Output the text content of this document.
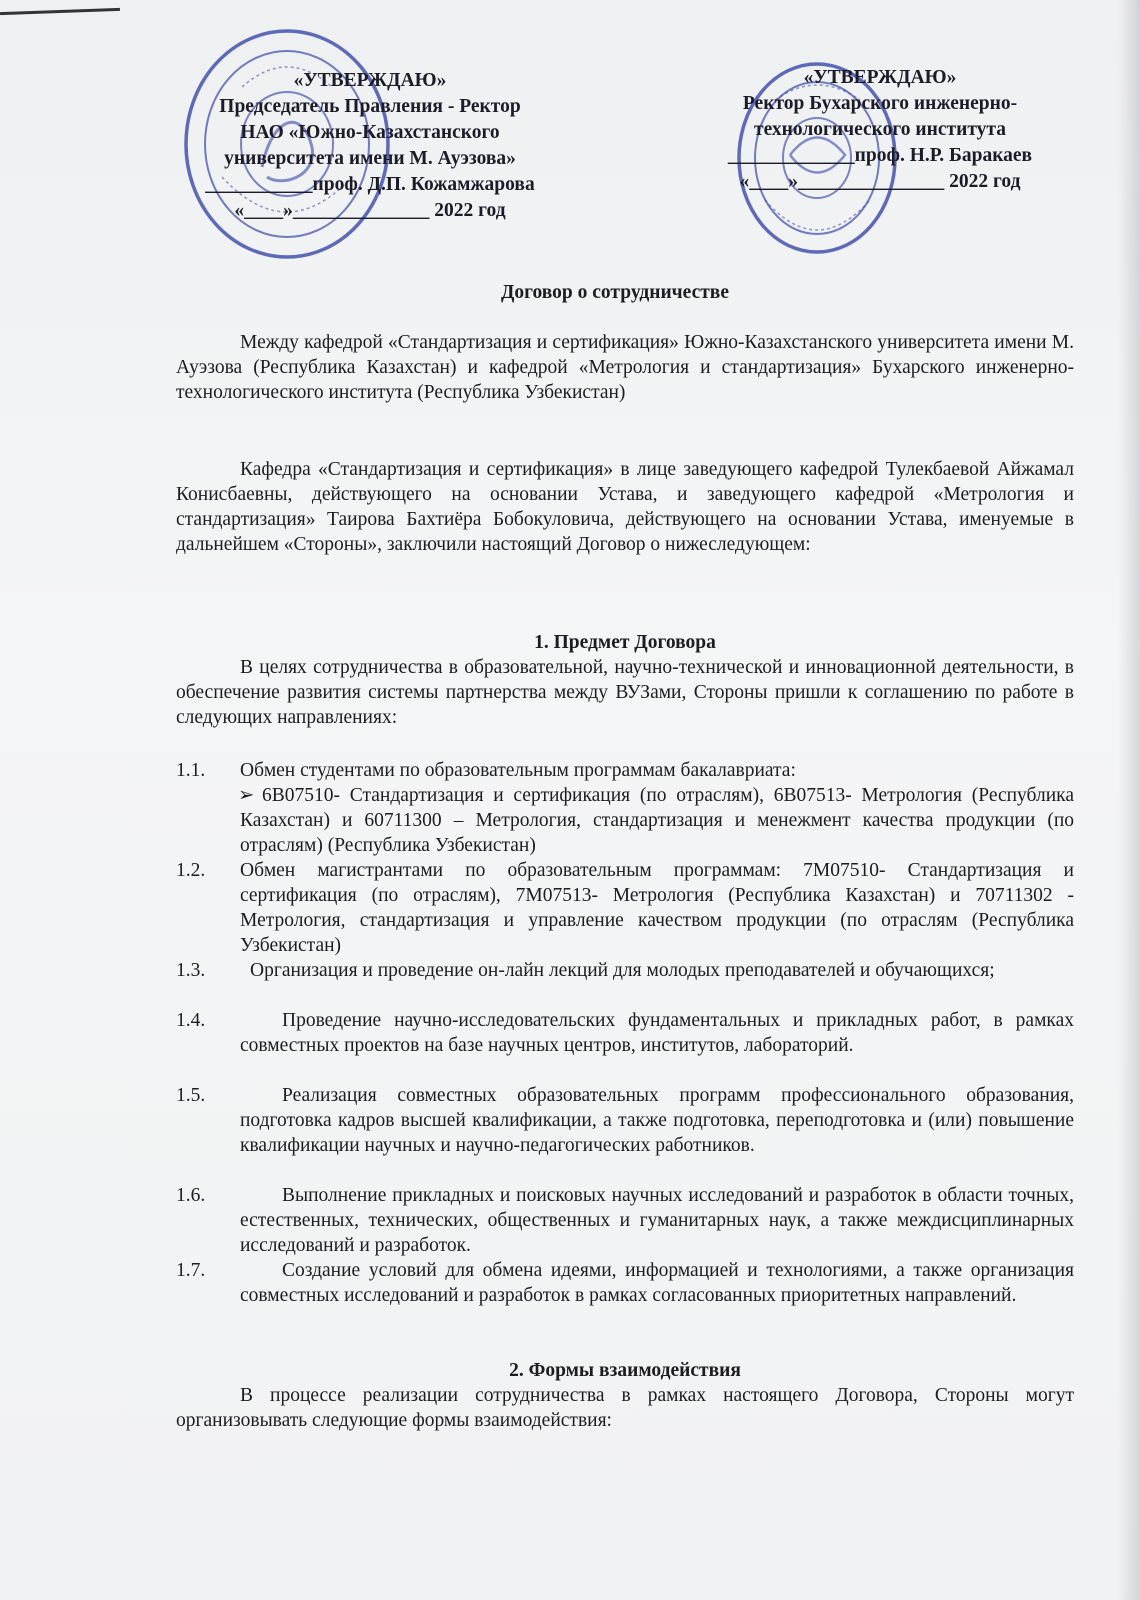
«УТВЕРЖДАЮ»
Председатель Правления - Ректор
НАО «Южно-Казахстанского
университета имени М. Ауэзова»
___________проф. Д.П. Кожамжарова
«____»______________ 2022 год
«УТВЕРЖДАЮ»
Ректор Бухарского инженерно-
технологического института
_____________проф. Н.Р. Баракаев
«____»_______________ 2022 год
Договор о сотрудничестве
Между кафедрой «Стандартизация и сертификация» Южно-Казахстанского университета имени М. Ауэзова (Республика Казахстан) и кафедрой «Метрология и стандартизация» Бухарского инженерно-технологического института (Республика Узбекистан)
Кафедра «Стандартизация и сертификация» в лице заведующего кафедрой Тулекбаевой Айжамал Конисбаевны, действующего на основании Устава, и заведующего кафедрой «Метрология и стандартизация» Таирова Бахтиёра Бобокуловича, действующего на основании Устава, именуемые в дальнейшем «Стороны», заключили настоящий Договор о нижеследующем:
1. Предмет Договора
В целях сотрудничества в образовательной, научно-технической и инновационной деятельности, в обеспечение развития системы партнерства между ВУЗами, Стороны пришли к соглашению по работе в следующих направлениях:
1.1. Обмен студентами по образовательным программам бакалавриата:
➢ 6В07510- Стандартизация и сертификация (по отраслям), 6В07513- Метрология (Республика Казахстан) и 60711300 – Метрология, стандартизация и менежмент качества продукции (по отраслям) (Республика Узбекистан)
1.2. Обмен магистрантами по образовательным программам: 7М07510- Стандартизация и сертификация (по отраслям), 7М07513- Метрология (Республика Казахстан) и 70711302 - Метрология, стандартизация и управление качеством продукции (по отраслям (Республика Узбекистан)
1.3.	Организация и проведение он-лайн лекций для молодых преподавателей и обучающихся;
1.4.	Проведение научно-исследовательских фундаментальных и прикладных работ, в рамках совместных проектов на базе научных центров, институтов, лабораторий.
1.5.	Реализация совместных образовательных программ профессионального образования, подготовка кадров высшей квалификации, а также подготовка, переподготовка и (или) повышение квалификации научных и научно-педагогических работников.
1.6.	Выполнение прикладных и поисковых научных исследований и разработок в области точных, естественных, технических, общественных и гуманитарных наук, а также междисциплинарных исследований и разработок.
1.7.	Создание условий для обмена идеями, информацией и технологиями, а также организация совместных исследований и разработок в рамках согласованных приоритетных направлений.
2. Формы взаимодействия
В процессе реализации сотрудничества в рамках настоящего Договора, Стороны могут организовывать следующие формы взаимодействия:
